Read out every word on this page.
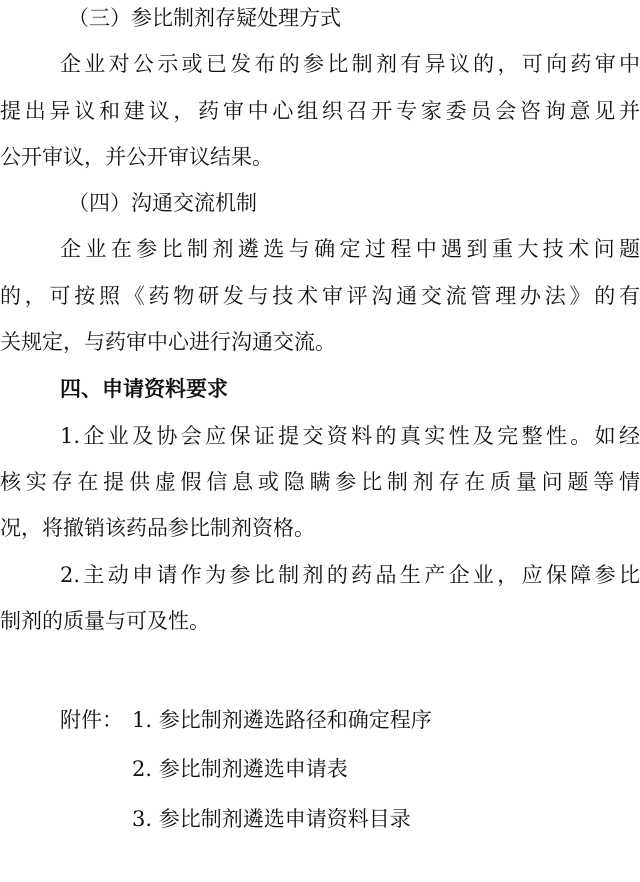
（三）参比制剂存疑处理方式
企业对公示或已发布的参比制剂有异议的，可向药审中
提出异议和建议，药审中心组织召开专家委员会咨询意见并
公开审议，并公开审议结果。
（四）沟通交流机制
企业在参比制剂遴选与确定过程中遇到重大技术问题
的，可按照《药物研发与技术审评沟通交流管理办法》的有
关规定，与药审中心进行沟通交流。
四、申请资料要求
1.企业及协会应保证提交资料的真实性及完整性。如经
核实存在提供虚假信息或隐瞒参比制剂存在质量问题等情
况，将撤销该药品参比制剂资格。
2.主动申请作为参比制剂的药品生产企业，应保障参比
制剂的质量与可及性。
附件： 1. 参比制剂遴选路径和确定程序
2. 参比制剂遴选申请表
3. 参比制剂遴选申请资料目录
